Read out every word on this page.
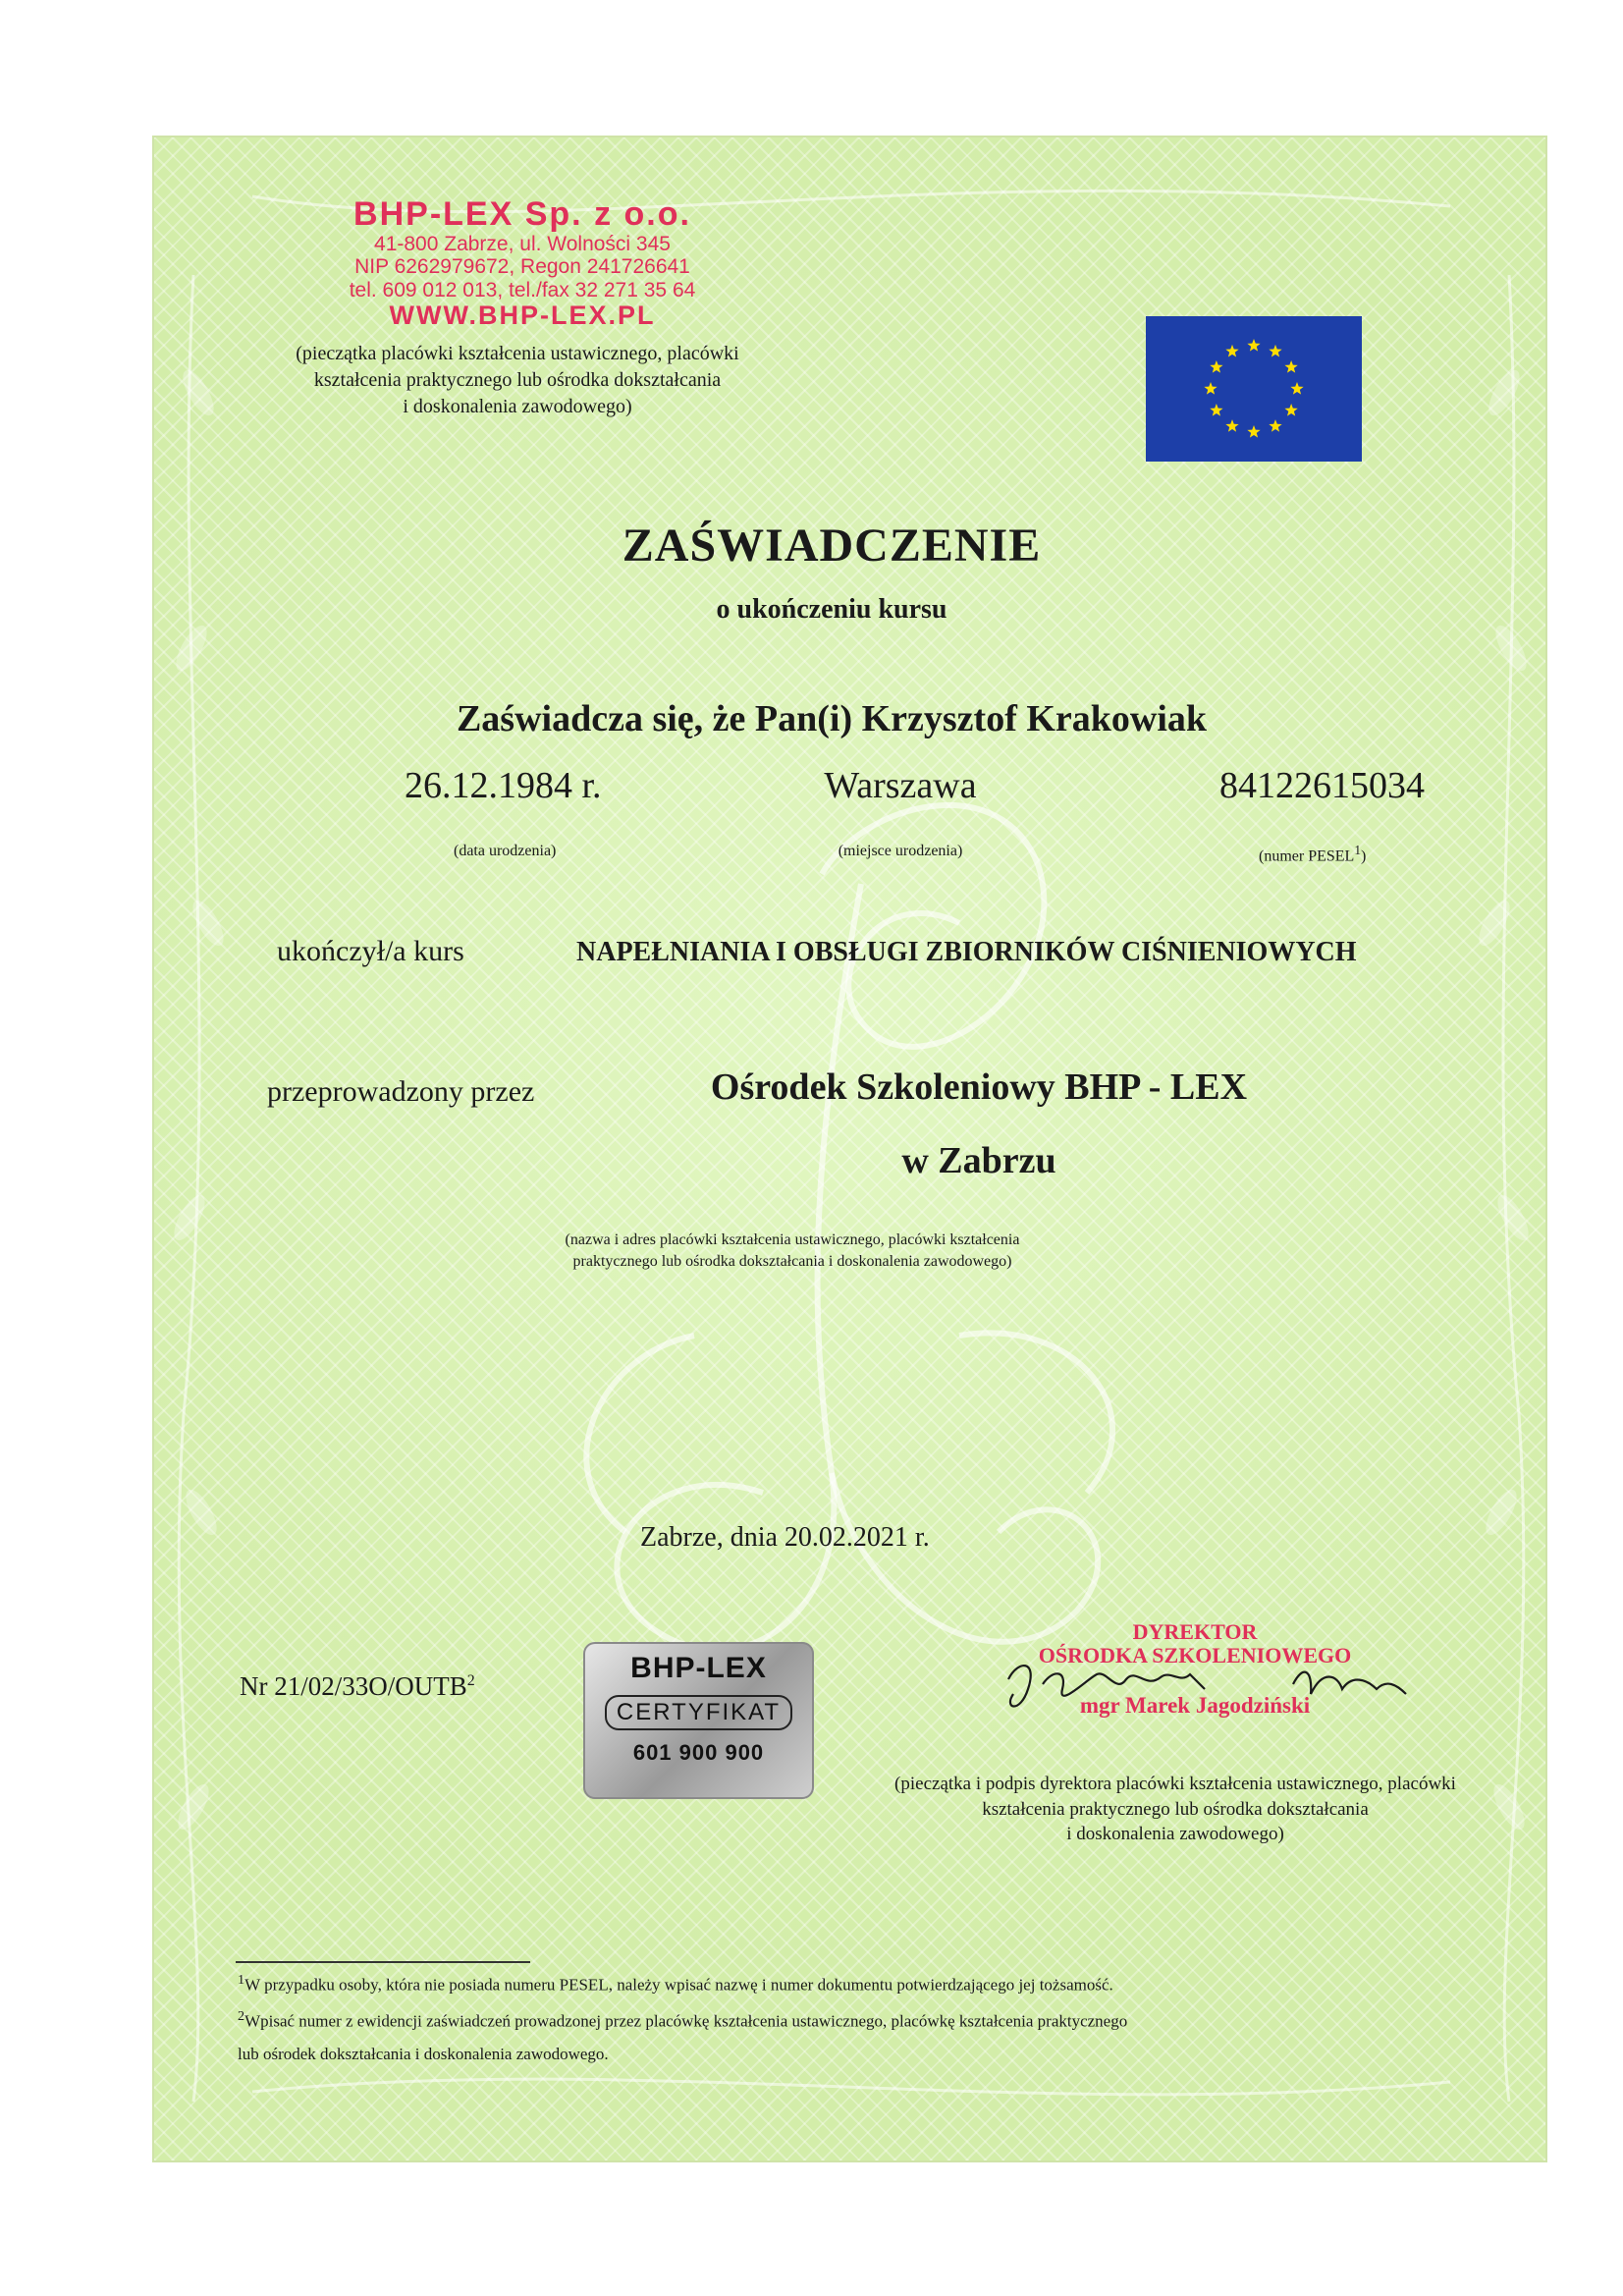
BHP-LEX Sp. z o.o.
41-800 Zabrze, ul. Wolności 345
NIP 6262979672, Regon 241726641
tel. 609 012 013, tel./fax 32 271 35 64
WWW.BHP-LEX.PL
(pieczątka placówki kształcenia ustawicznego, placówki
kształcenia praktycznego lub ośrodka dokształcania
i doskonalenia zawodowego)
ZAŚWIADCZENIE
o ukończeniu kursu
Zaświadcza się, że Pan(i) Krzysztof Krakowiak
26.12.1984 r.	Warszawa	84122615034
(data urodzenia)	(miejsce urodzenia)	(numer PESEL$^1$)
ukończył/a kurs	NAPEŁNIANIA I OBSŁUGI ZBIORNIKÓW CIŚNIENIOWYCH
przeprowadzony przez	Ośrodek Szkoleniowy BHP - LEX
w Zabrzu
(nazwa i adres placówki kształcenia ustawicznego, placówki kształcenia
praktycznego lub ośrodka dokształcania i doskonalenia zawodowego)
Zabrze, dnia 20.02.2021 r.
Nr 21/02/33O/OUTB$^2$	BHP-LEX
CERTYFIKAT
601 900 900
DYREKTOR
OŚRODKA SZKOLENIOWEGO
mgr Marek Jagodziński
(pieczątka i podpis dyrektora placówki kształcenia ustawicznego, placówki
kształcenia praktycznego lub ośrodka dokształcania
i doskonalenia zawodowego)
$^1$W przypadku osoby, która nie posiada numeru PESEL, należy wpisać nazwę i numer dokumentu potwierdzającego jej tożsamość.
$^2$Wpisać numer z ewidencji zaświadczeń prowadzonej przez placówkę kształcenia ustawicznego, placówkę kształcenia praktycznego
lub ośrodek dokształcania i doskonalenia zawodowego.
